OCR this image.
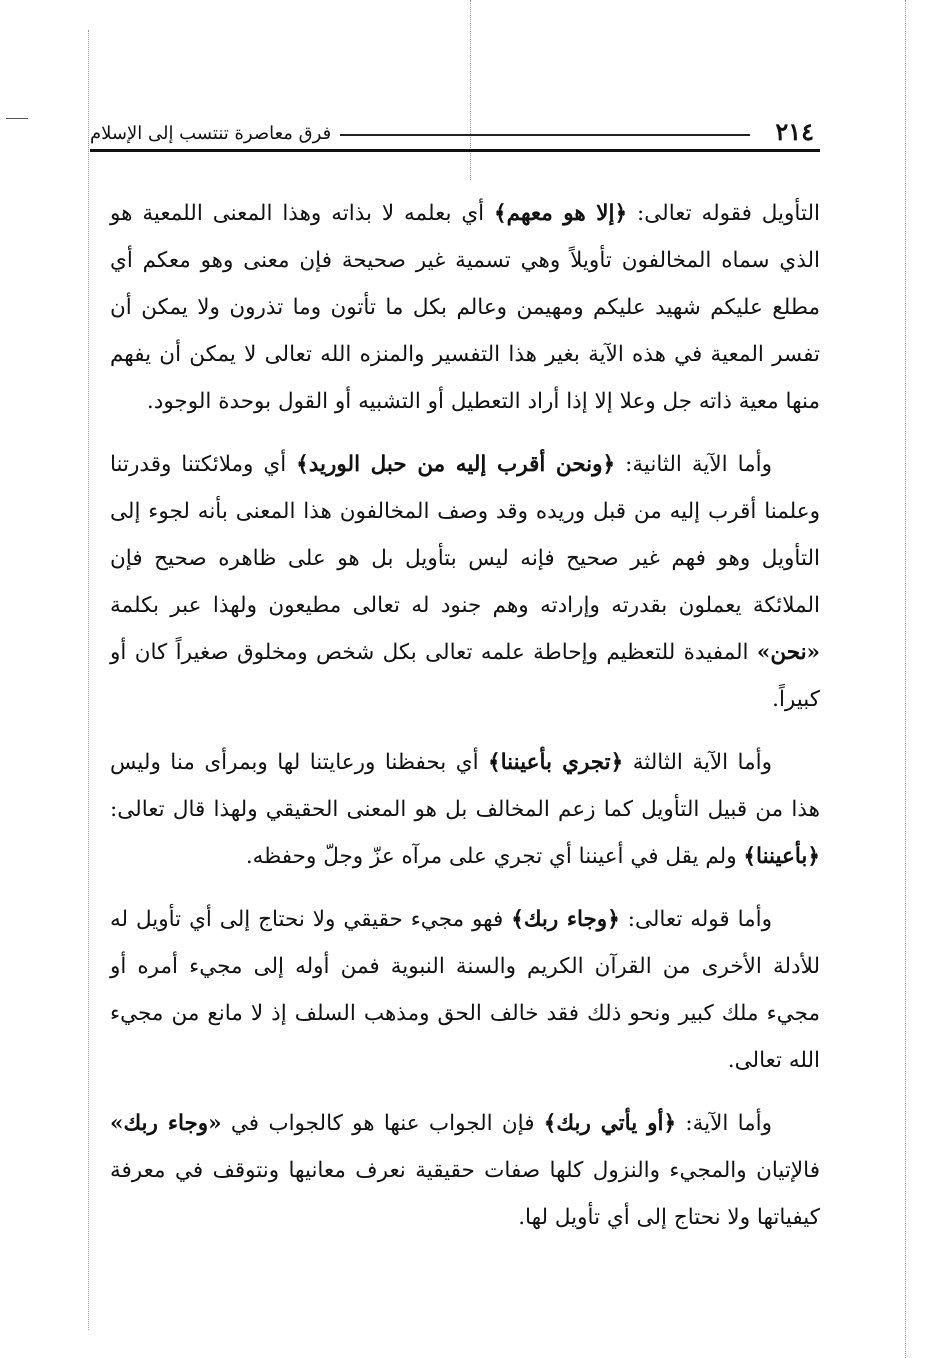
فرق معاصرة تنتسب إلى الإسلام	٢١٤

التأويل فقوله تعالى: ﴿إلا هو معهم﴾ أي بعلمه لا بذاته وهذا المعنى اللمعية هو الذي سماه المخالفون تأويلاً وهي تسمية غير صحيحة فإن معنى وهو معكم أي مطلع عليكم شهيد عليكم ومهيمن وعالم بكل ما تأتون وما تذرون ولا يمكن أن تفسر المعية في هذه الآية بغير هذا التفسير والمنزه الله تعالى لا يمكن أن يفهم منها معية ذاته جل وعلا إلا إذا أراد التعطيل أو التشبيه أو القول بوحدة الوجود.

وأما الآية الثانية: ﴿ونحن أقرب إليه من حبل الوريد﴾ أي وملائكتنا وقدرتنا وعلمنا أقرب إليه من قبل وريده وقد وصف المخالفون هذا المعنى بأنه لجوء إلى التأويل وهو فهم غير صحيح فإنه ليس بتأويل بل هو على ظاهره صحيح فإن الملائكة يعملون بقدرته وإرادته وهم جنود له تعالى مطيعون ولهذا عبر بكلمة «نحن» المفيدة للتعظيم وإحاطة علمه تعالى بكل شخص ومخلوق صغيراً كان أو كبيراً.

وأما الآية الثالثة ﴿تجري بأعيننا﴾ أي بحفظنا ورعايتنا لها وبمرأى منا وليس هذا من قبيل التأويل كما زعم المخالف بل هو المعنى الحقيقي ولهذا قال تعالى: ﴿بأعيننا﴾ ولم يقل في أعيننا أي تجري على مرآه عزّ وجلّ وحفظه.

وأما قوله تعالى: ﴿وجاء ربك﴾ فهو مجيء حقيقي ولا نحتاج إلى أي تأويل له للأدلة الأخرى من القرآن الكريم والسنة النبوية فمن أوله إلى مجيء أمره أو مجيء ملك كبير ونحو ذلك فقد خالف الحق ومذهب السلف إذ لا مانع من مجيء الله تعالى.

وأما الآية: ﴿أو يأتي ربك﴾ فإن الجواب عنها هو كالجواب في «وجاء ربك» فالإتيان والمجيء والنزول كلها صفات حقيقية نعرف معانيها ونتوقف في معرفة كيفياتها ولا نحتاج إلى أي تأويل لها.
